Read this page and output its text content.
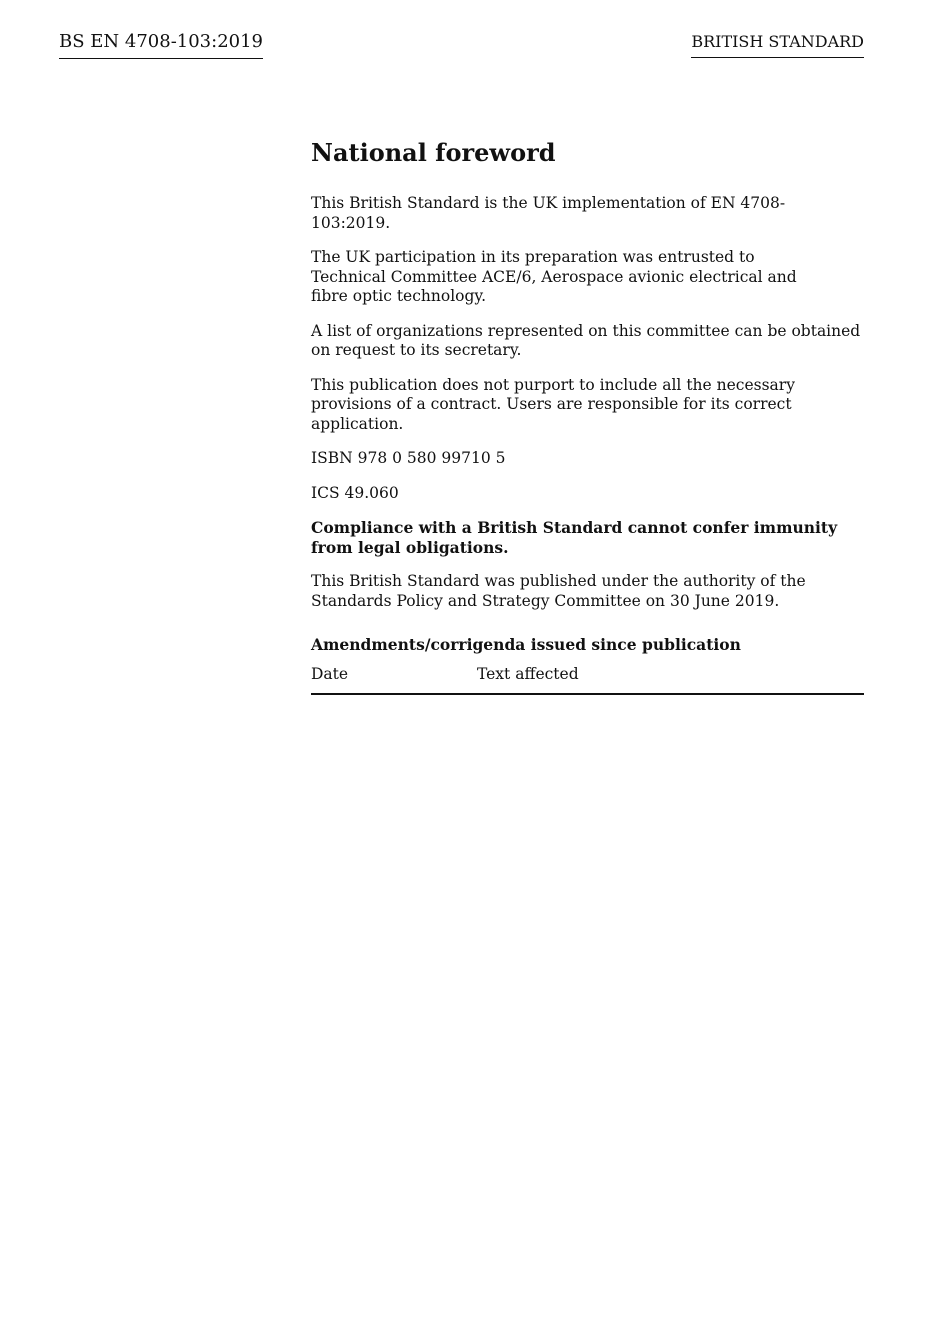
BS EN 4708-103:2019	BRITISH STANDARD
National foreword

This British Standard is the UK implementation of EN 4708-103:2019.

The UK participation in its preparation was entrusted to Technical Committee ACE/6, Aerospace avionic electrical and fibre optic technology.

A list of organizations represented on this committee can be obtained on request to its secretary.

This publication does not purport to include all the necessary provisions of a contract. Users are responsible for its correct application.

ISBN 978 0 580 99710 5

ICS 49.060

Compliance with a British Standard cannot confer immunity from legal obligations.

This British Standard was published under the authority of the Standards Policy and Strategy Committee on 30 June 2019.

Amendments/corrigenda issued since publication
Date	Text affected
